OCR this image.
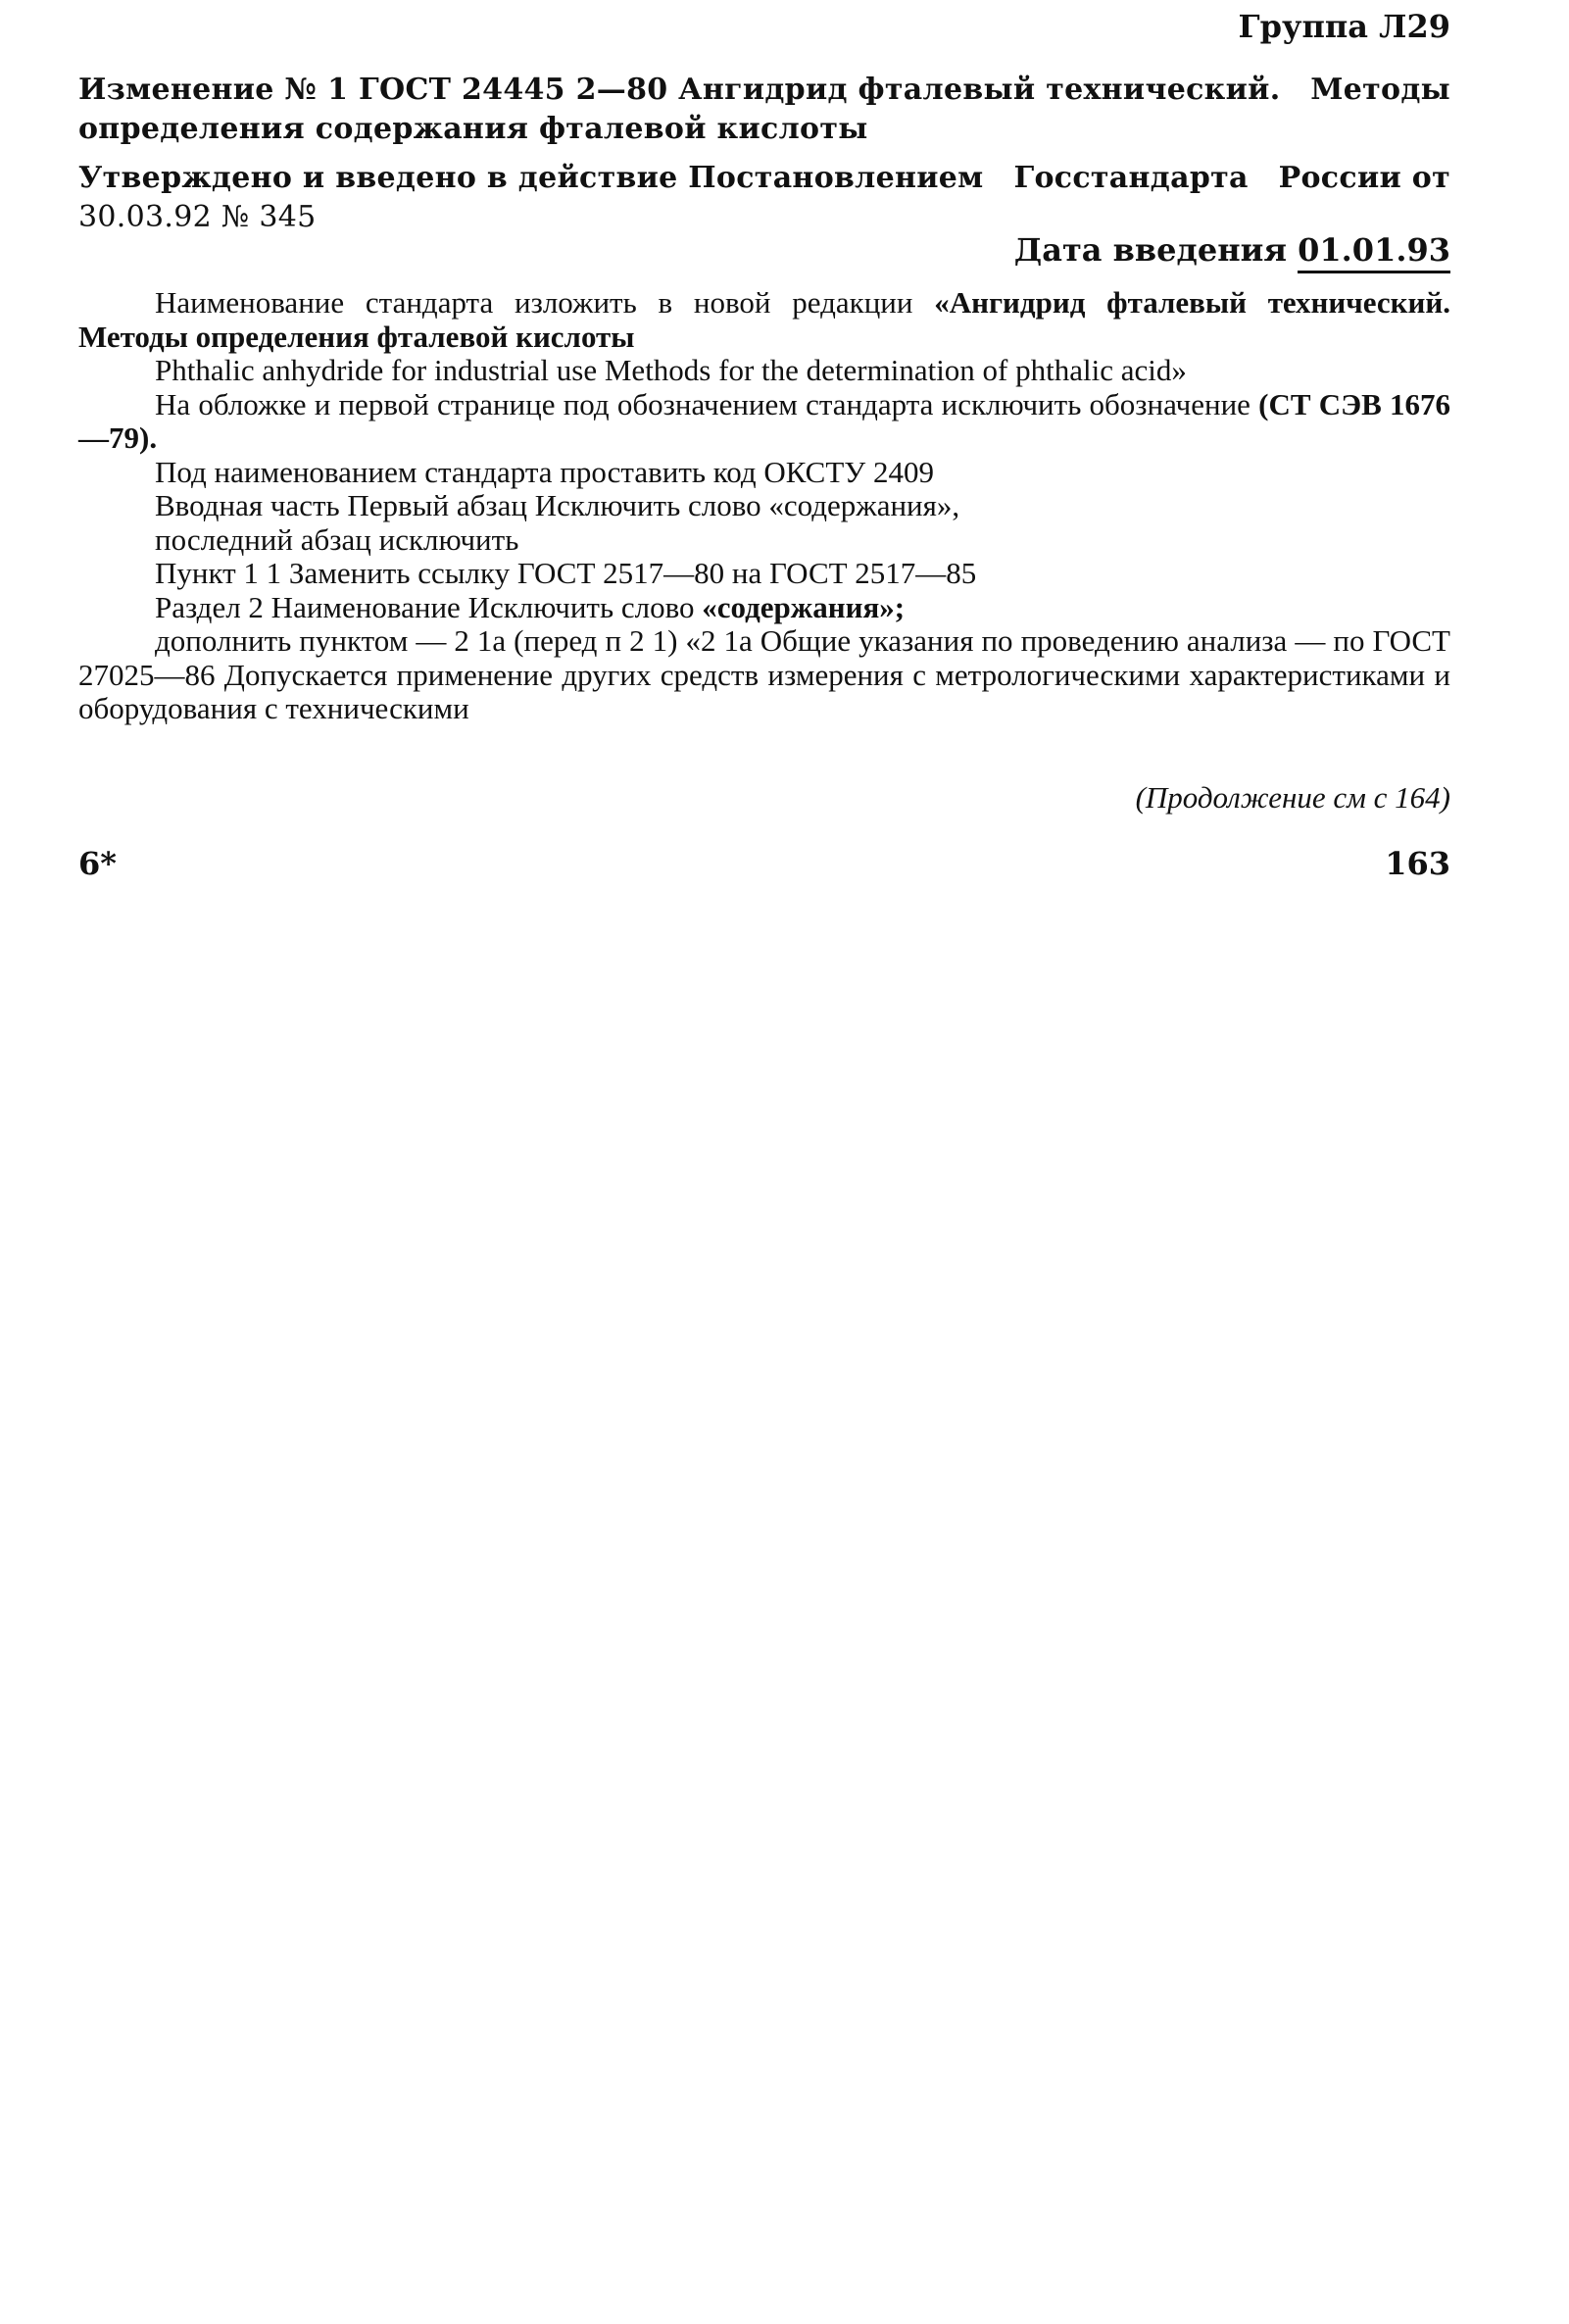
Группа Л29
Изменение № 1 ГОСТ 24445 2—80 Ангидрид фталевый технический. Методы
определения содержания фталевой кислоты
Утверждено и введено в действие Постановлением Госстандарта России от
30.03.92 № 345
Дата введения 01.01.93

Наименование стандарта изложить в новой редакции «Ангидрид фталевый технический. Методы определения фталевой кислоты

Phthalic anhydride for industrial use Methods for the determination of phthalic acid»

На обложке и первой странице под обозначением стандарта исключить обозначение (СТ СЭВ 1676—79).

Под наименованием стандарта проставить код ОКСТУ 2409

Вводная часть Первый абзац Исключить слово «содержания»,

последний абзац исключить

Пункт 1 1 Заменить ссылку ГОСТ 2517—80 на ГОСТ 2517—85

Раздел 2 Наименование Исключить слово «содержания»;

дополнить пунктом — 2 1а (перед п 2 1) «2 1а Общие указания по проведению анализа — по ГОСТ 27025—86 Допускается применение других средств измерения с метрологическими характеристиками и оборудования с техническими

(Продолжение см с 164)
6*	163
